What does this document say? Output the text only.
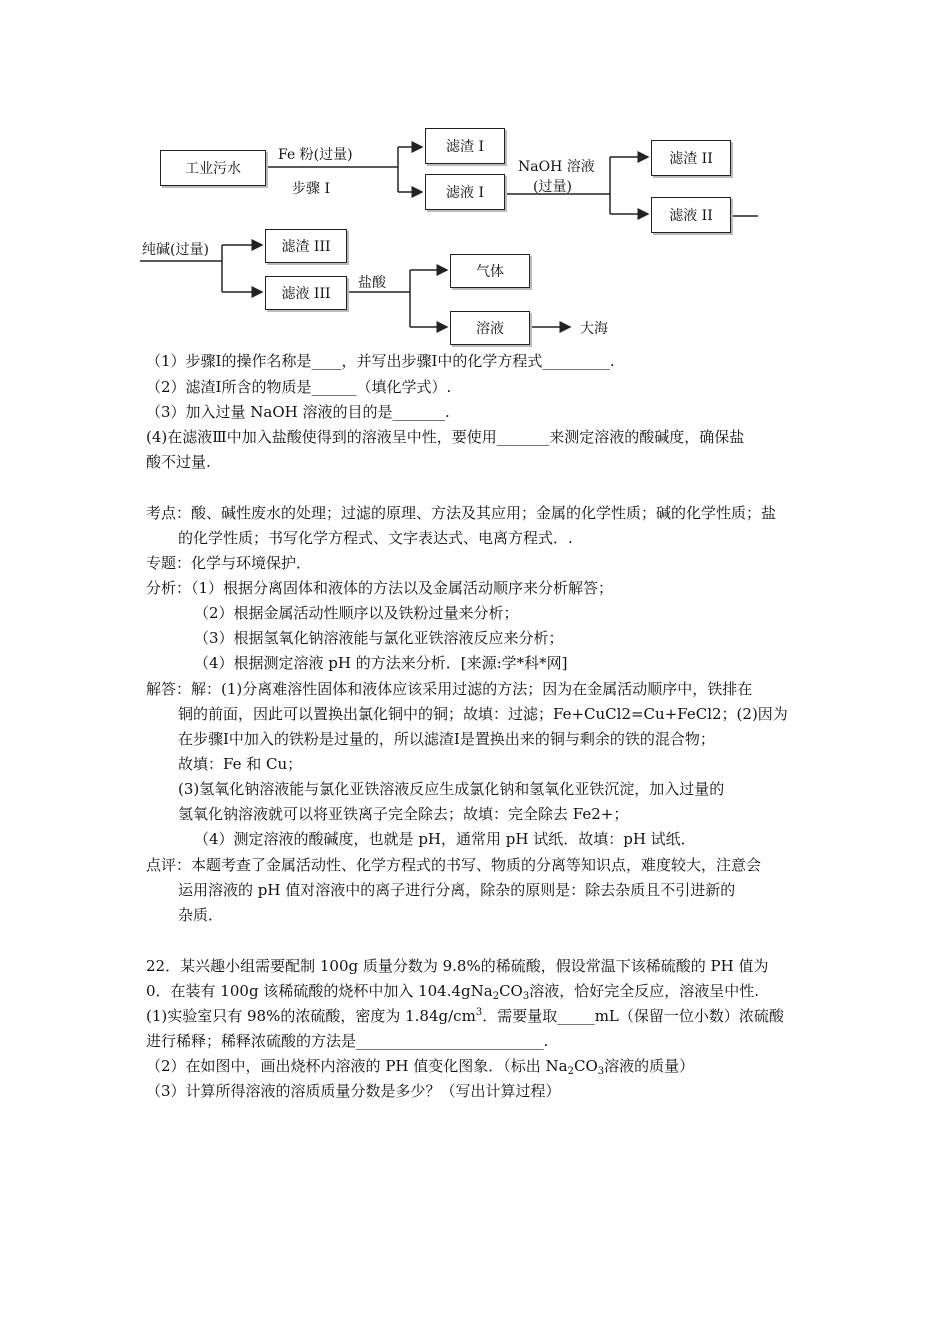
工业污水
Fe 粉(过量)
步骤 I
滤渣 I
滤液 I
NaOH 溶液
(过量)
滤渣 II
滤液 II
纯碱(过量)	滤渣 III
滤液 III
盐酸
气体
溶液	大海
（1）步骤Ⅰ的操作名称是____，并写出步骤Ⅰ中的化学方程式_________.
（2）滤渣Ⅰ所含的物质是______（填化学式）.
（3）加入过量 NaOH 溶液的目的是_______.
(4)在滤液Ⅲ中加入盐酸使得到的溶液呈中性，要使用_______来测定溶液的酸碱度，确保盐
酸不过量.
考点：酸、碱性废水的处理；过滤的原理、方法及其应用；金属的化学性质；碱的化学性质；盐
的化学性质；书写化学方程式、文字表达式、电离方程式．.
专题：化学与环境保护．
分析：（1）根据分离固体和液体的方法以及金属活动顺序来分析解答；
（2）根据金属活动性顺序以及铁粉过量来分析；
（3）根据氢氧化钠溶液能与氯化亚铁溶液反应来分析；
（4）根据测定溶液 pH 的方法来分析．[来源:学*科*网]
解答：解：(1)分离难溶性固体和液体应该采用过滤的方法；因为在金属活动顺序中，铁排在
铜的前面，因此可以置换出氯化铜中的铜；故填：过滤；Fe+CuCl2=Cu+FeCl2；(2)因为
在步骤Ⅰ中加入的铁粉是过量的，所以滤渣Ⅰ是置换出来的铜与剩余的铁的混合物；
故填：Fe 和 Cu；
(3)氢氧化钠溶液能与氯化亚铁溶液反应生成氯化钠和氢氧化亚铁沉淀，加入过量的
氢氧化钠溶液就可以将亚铁离子完全除去；故填：完全除去 Fe2+；
（4）测定溶液的酸碱度，也就是 pH，通常用 pH 试纸．故填：pH 试纸．
点评：本题考查了金属活动性、化学方程式的书写、物质的分离等知识点，难度较大，注意会
运用溶液的 pH 值对溶液中的离子进行分离，除杂的原则是：除去杂质且不引进新的
杂质．
22．某兴趣小组需要配制 100g 质量分数为 9.8%的稀硫酸，假设常温下该稀硫酸的 PH 值为
0．在装有 100g 该稀硫酸的烧杯中加入 $104.4gNa_2CO_3$溶液，恰好完全反应，溶液呈中性.
(1)实验室只有 98%的浓硫酸，密度为 $1.84g/cm^3$．需要量取_____mL（保留一位小数）浓硫酸
进行稀释；稀释浓硫酸的方法是_________________________.
（2）在如图中，画出烧杯内溶液的 PH 值变化图象．（标出 $Na_2CO_3$溶液的质量）
（3）计算所得溶液的溶质质量分数是多少？（写出计算过程）
